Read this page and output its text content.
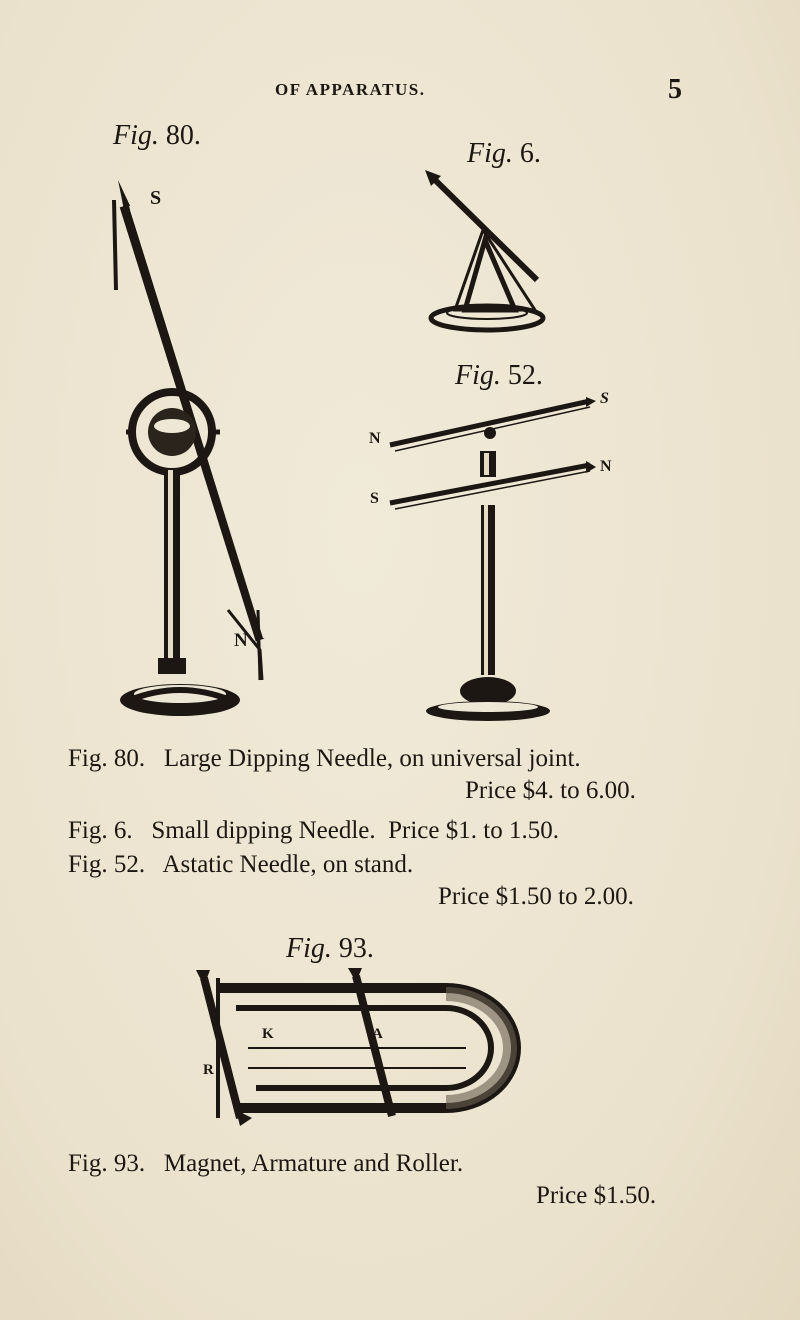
OF APPARATUS.	5
Fig. 80.
Fig. 6.
S
N
Fig. 52.
N
S
S
N
Fig. 80. Large Dipping Needle, on universal joint.
Price $4. to 6.00.
Fig. 6. Small dipping Needle.  Price $1. to 1.50.
Fig. 52. Astatic Needle, on stand.
Price $1.50 to 2.00.
Fig. 93.
K	A
R
Fig. 93. Magnet, Armature and Roller.
Price $1.50.
